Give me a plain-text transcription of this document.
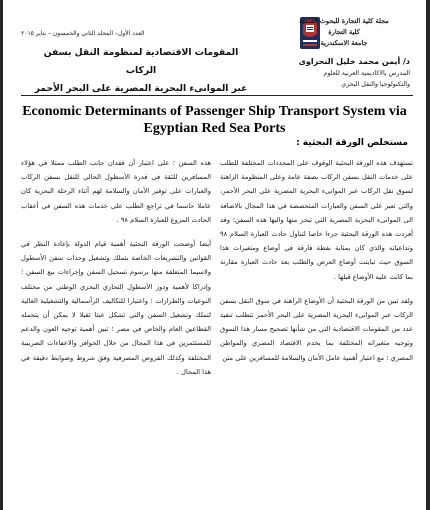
العدد الأول– المجلد الثاني والخمسون – يناير ٢٠١٥
المقومات الاقتصادية لمنظومة النقل بسفن الركاب
عبر الموانىء البحرية المصرية على البحر الأحمر
مجلة كلية التجارة للبحوث العلمية
كلية التجارة
جامعة الاسكندرية
د/ أيمن محمد خليل النحراوى
المدرس بالاكاديمية العربية للعلوم
والتكنولوجيا والنقل البحري
Economic Determinants of Passenger Ship Transport System via Egyptian Red Sea Ports
مستخلص الورقة البحثية :

تستهدف هذه الورقة البحثية الوقوف على المحددات المختلفة للطلب على خدمات النقل بسفن الركاب بصفة عامة وعلى المنظومة الراهنة لسوق نقل الركاب عبر الموانىء البحرية المصرية على البحر الأحمر، والتي تعبر على السفن والعبارات المتخصصة في هذا المجال بالاضافة الى الموانىء البحرية المصرية التي تبحر منها واليها هذه السفن؛ وقد أفردت هذه الورقة البحثية جزءا خاصا لتناول حادث العبارة السلام ٩٨ وتداعياته والذي كان بمثابة نقطة فارقة في أوضاع ومتغيرات هذا السوق حيث تباينت أوضاع العرض والطلب بعد حادث العبارة مقارنة بما كانت عليه الأوضاع قبلها .

ولقد تبين من الورقة البحثية أن الأوضاع الراهنة في سوق النقل بسفن الركاب عبر الموانىء البحرية المصرية على البحر الأحمر تتطلب تنفيذ عدد من المقومات الاقتصادية التي من شأنها تصحيح مسار هذا السوق وتوجيه متغيراته المختلفة بما يخدم الاقتصاد المصري والمواطن المصري ؛ مع اعتبار أهمية عامل الأمان والسلامة للمسافرين على متن

هذه السفن ؛ على اعتبار أن فقدان جانب الطلب ممثلا في هؤلاء المسافرين للثقة في قدرة الأسطول الحالي للنقل بسفن الركاب والعبارات على توفير الأمان والسلامة لهم أثناء الرحلة البحرية كان عاملا حاسما في تراجع الطلب على خدمات هذه السفن في أعقاب الحادث المروع للعبارة السلام ٩٨ .

أيضا أوضحت الورقة البحثية أهمية قيام الدولة بإعادة النظر في القوانين والتشريعات الخاصة بتملك وتشغيل وحدات سفن الأسطول ولاسيما المتعلقة منها برسوم تسجيل السفن وإجراءات بيع السفن ؛ وإدراكا لأهمية ودور الأسطول التجاري البحري الوطني من مختلف النوعيات والطرازات ؛ واعتبارا للتكاليف الرأسمالية والتشغيلية العالية لتملك وتشغيل السفن والتي تشكل عبئا ثقيلا لا يمكن أن يتحمله القطاعين العام والخاص في مصر ؛ تبين أهمية توجيه العون والدعم للمستثمرين في هذا المجال من خلال الحوافز والاعفاءات الضريبية المختلفة وكذلك القروض المصرفية وفق شروط وضوابط دقيقة في هذا المجال .
